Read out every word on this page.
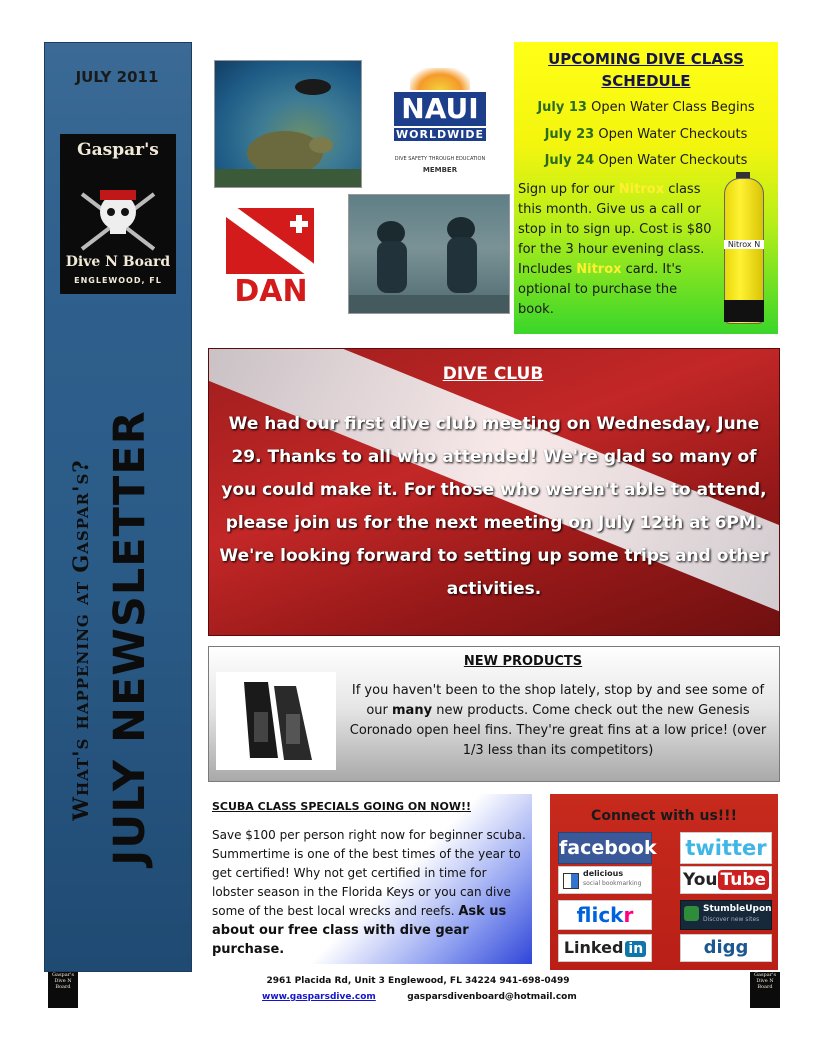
JULY 2011
Gaspar's
Dive N Board
ENGLEWOOD, FL
What's happening at Gaspar's? JULY NEWSLETTER
NAUI
WORLDWIDE
DIVE SAFETY THROUGH EDUCATION
MEMBER
DAN
UPCOMING DIVE CLASS SCHEDULE
July 13 Open Water Class Begins
July 23 Open Water Checkouts
July 24 Open Water Checkouts
Sign up for our Nitrox class this month. Give us a call or stop in to sign up. Cost is $80 for the 3 hour evening class. Includes Nitrox card. It's optional to purchase the book.
Nitrox N
DIVE CLUB
We had our first dive club meeting on Wednesday, June 29. Thanks to all who attended! We're glad so many of you could make it. For those who weren't able to attend, please join us for the next meeting on July 12th at 6PM. We're looking forward to setting up some trips and other activities.
NEW PRODUCTS
If you haven't been to the shop lately, stop by and see some of our many new products. Come check out the new Genesis Coronado open heel fins. They're great fins at a low price! (over 1/3 less than its competitors)
SCUBA CLASS SPECIALS GOING ON NOW!!
Save $100 per person right now for beginner scuba. Summertime is one of the best times of the year to get certified! Why not get certified in time for lobster season in the Florida Keys or you can dive some of the best local wrecks and reefs. Ask us about our free class with dive gear purchase.
Connect with us!!!
facebook twitter
delicious
social bookmarking You Tube
flickr	StumbleUpon
Discover new sites
Linked in	digg
Gaspar's Dive N Board
2961 Placida Rd, Unit 3 Englewood, FL 34224 941-698-0499
www.gasparsdive.com	gasparsdivenboard@hotmail.com
Gaspar's Dive N Board
